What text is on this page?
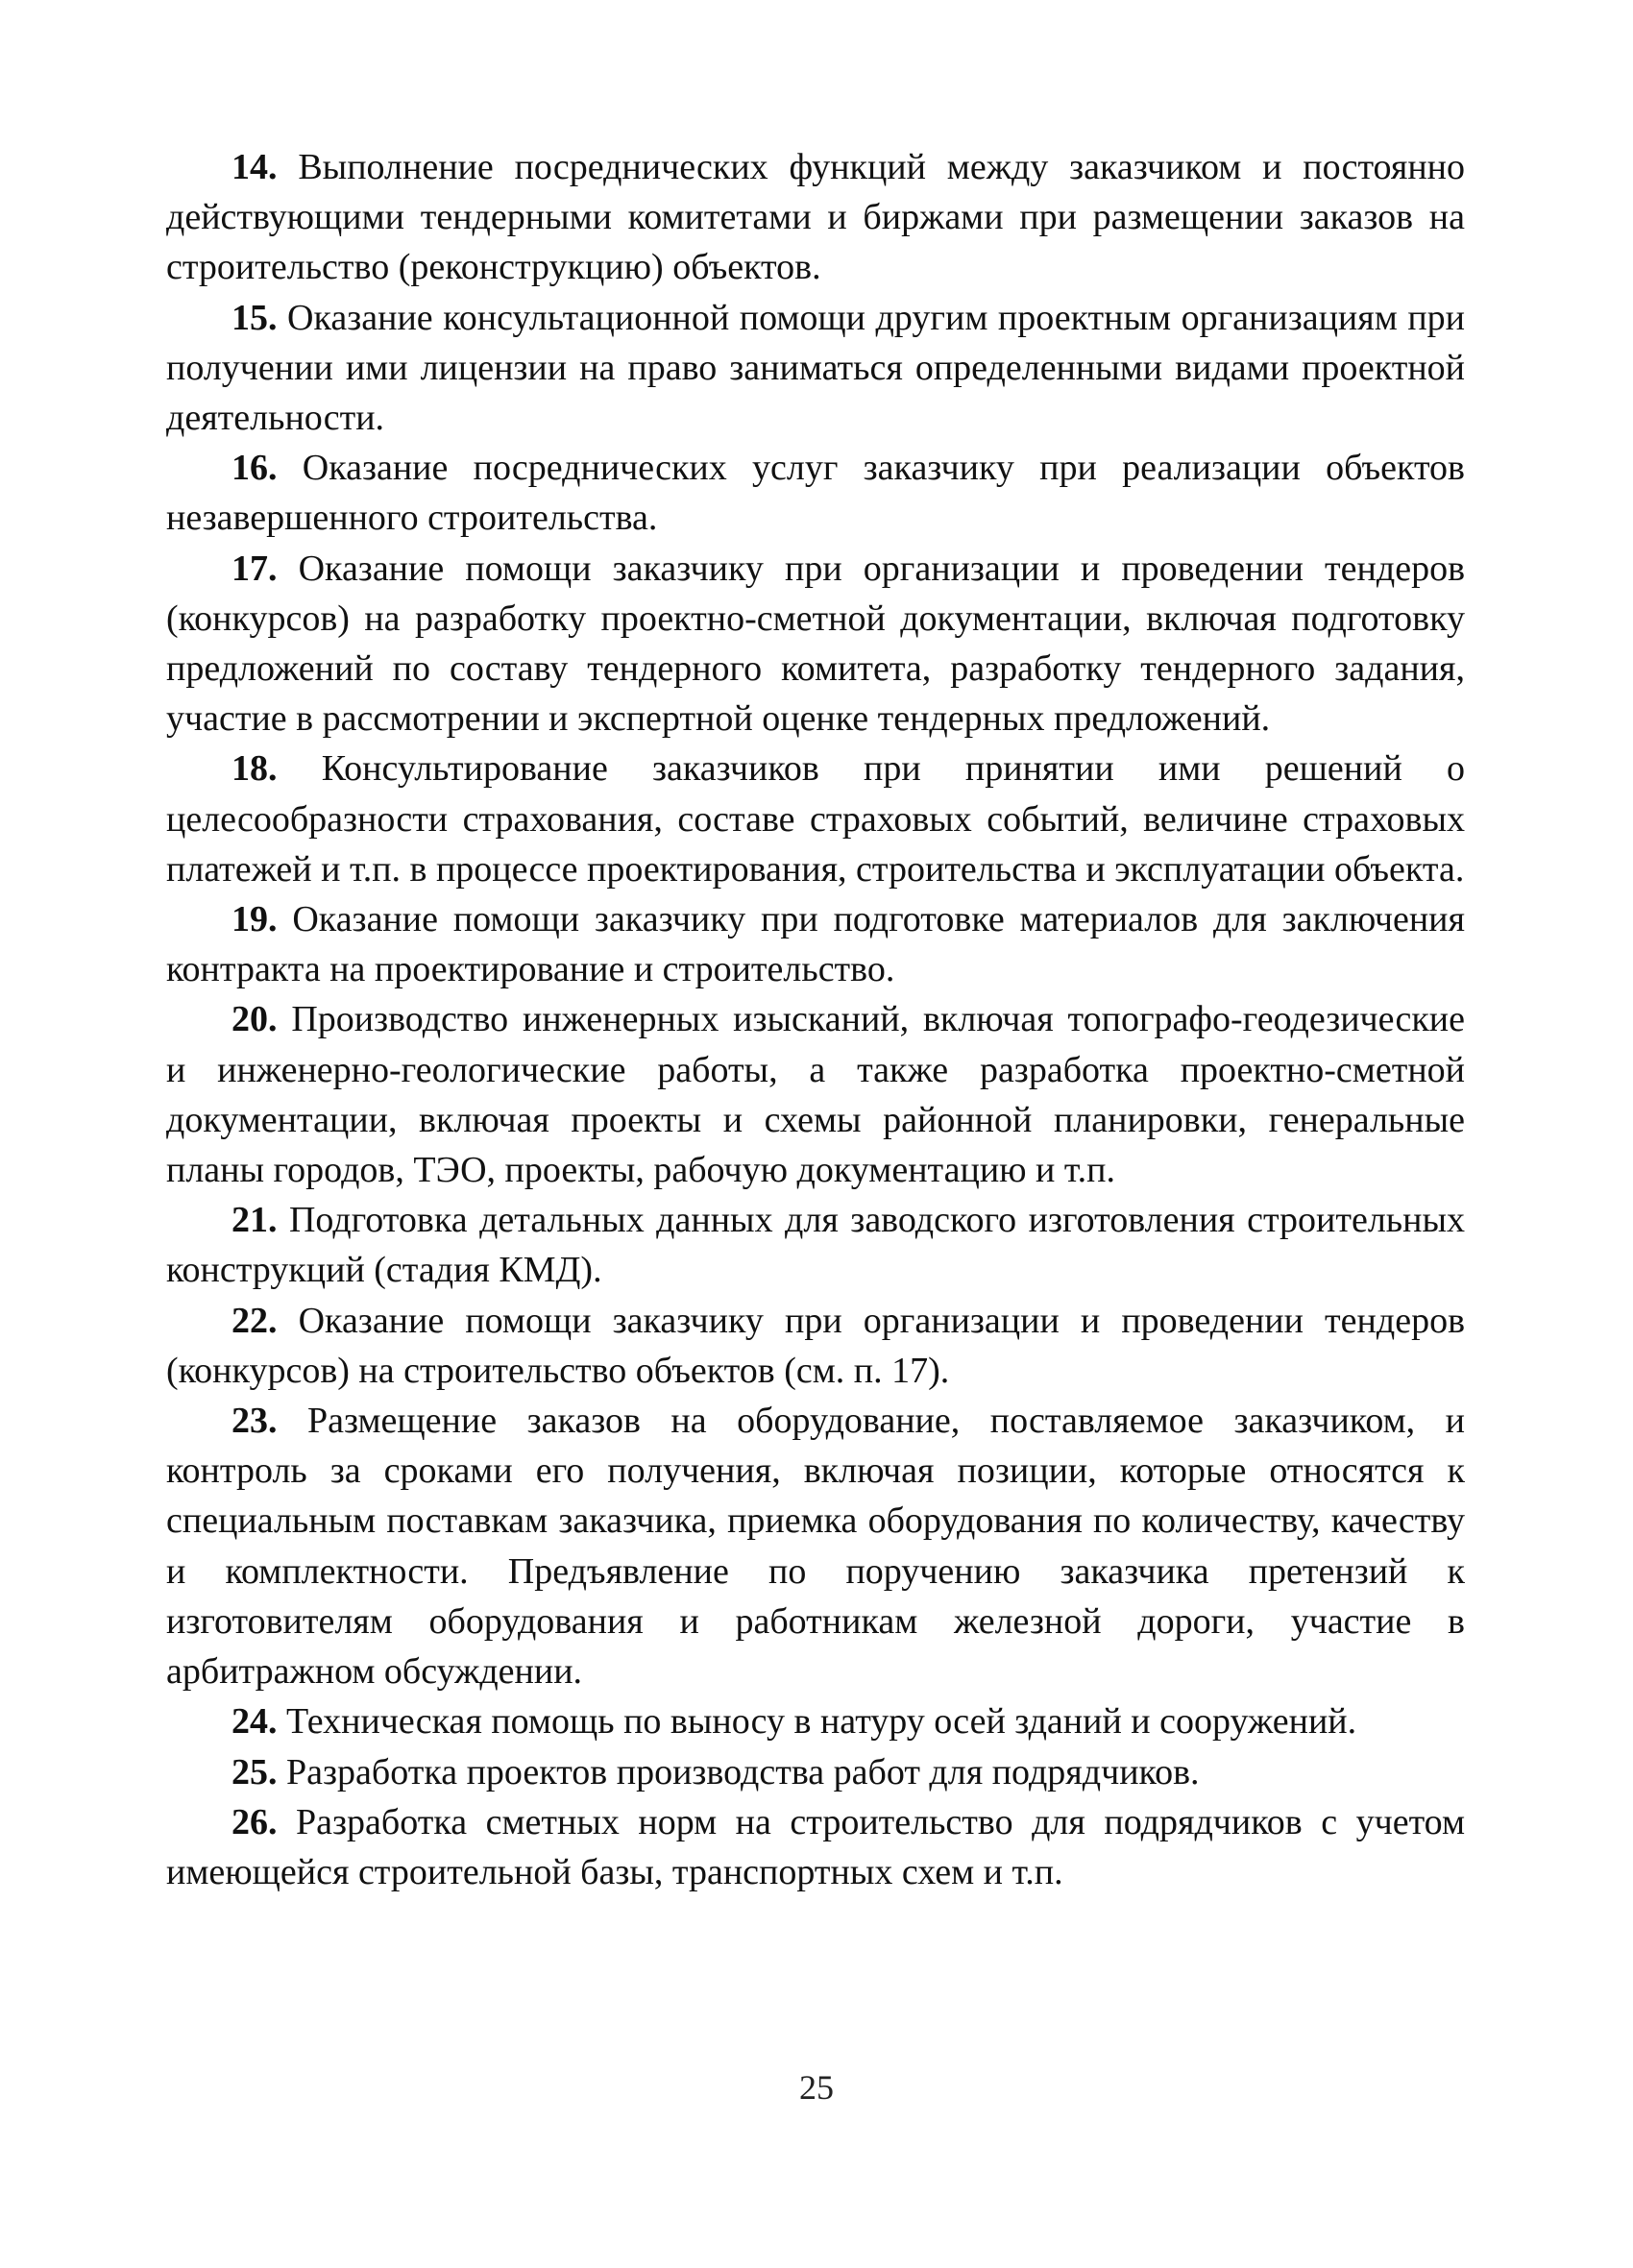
14. Выполнение посреднических функций между заказчиком и постоянно действующими тендерными комитетами и биржами при размещении заказов на строительство (реконструкцию) объектов.

15. Оказание консультационной помощи другим проектным организациям при получении ими лицензии на право заниматься определенными видами проектной деятельности.

16. Оказание посреднических услуг заказчику при реализации объектов незавершенного строительства.

17. Оказание помощи заказчику при организации и проведении тендеров (конкурсов) на разработку проектно-сметной документации, включая подготовку предложений по составу тендерного комитета, разработку тендерного задания, участие в рассмотрении и экспертной оценке тендерных предложений.

18. Консультирование заказчиков при принятии ими решений о целесообразности страхования, составе страховых событий, величине страховых платежей и т.п. в процессе проектирования, строительства и эксплуатации объекта.

19. Оказание помощи заказчику при подготовке материалов для заключения контракта на проектирование и строительство.

20. Производство инженерных изысканий, включая топографо-геодезические и инженерно-геологические работы, а также разработка проектно-сметной документации, включая проекты и схемы районной планировки, генеральные планы городов, ТЭО, проекты, рабочую документацию и т.п.

21. Подготовка детальных данных для заводского изготовления строительных конструкций (стадия КМД).

22. Оказание помощи заказчику при организации и проведении тендеров (конкурсов) на строительство объектов (см. п. 17).

23. Размещение заказов на оборудование, поставляемое заказчиком, и контроль за сроками его получения, включая позиции, которые относятся к специальным поставкам заказчика, приемка оборудования по количеству, качеству и комплектности. Предъявление по поручению заказчика претензий к изготовителям оборудования и работникам железной дороги, участие в арбитражном обсуждении.

24. Техническая помощь по выносу в натуру осей зданий и сооружений.

25. Разработка проектов производства работ для подрядчиков.

26. Разработка сметных норм на строительство для подрядчиков с учетом имеющейся строительной базы, транспортных схем и т.п.

25
